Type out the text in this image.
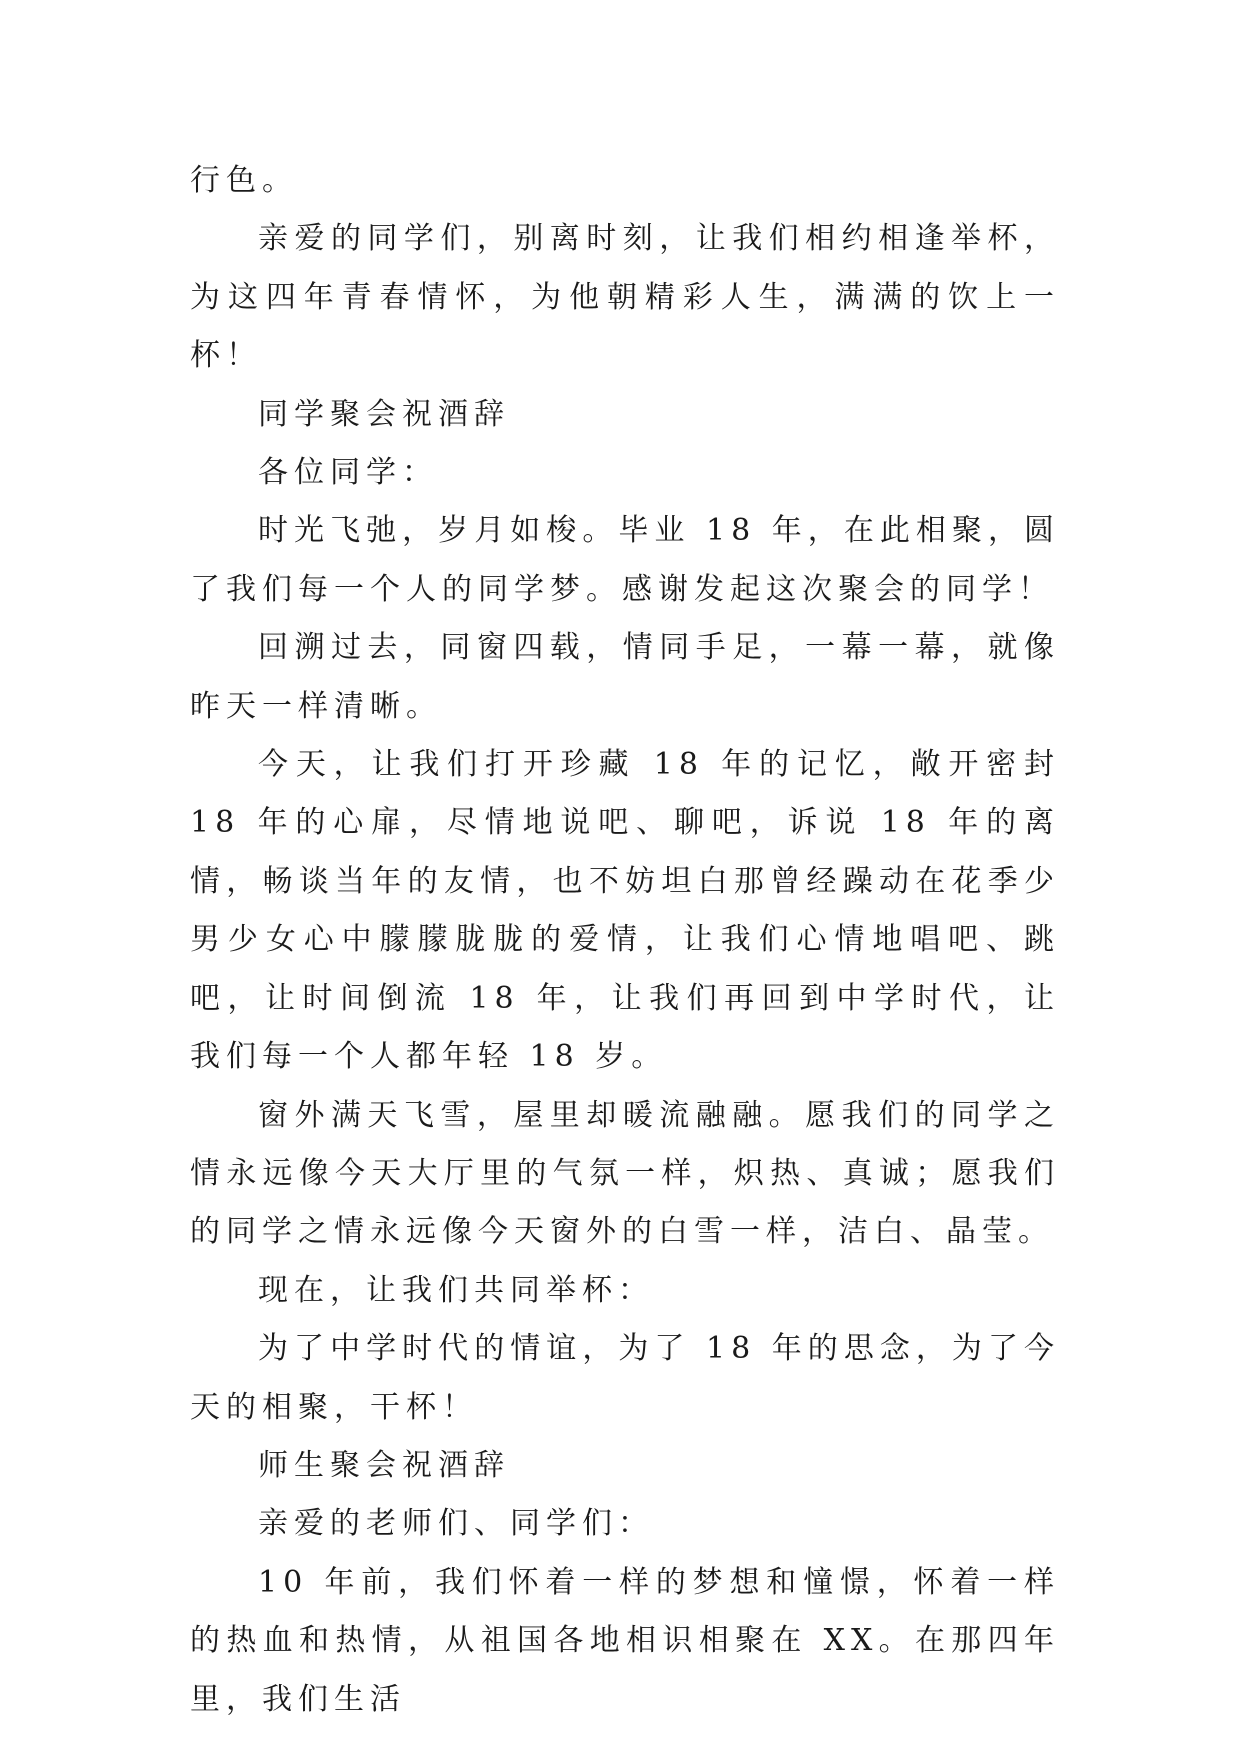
行色。

亲爱的同学们，别离时刻，让我们相约相逢举杯，为这四年青春情怀，为他朝精彩人生，满满的饮上一杯！

同学聚会祝酒辞

各位同学：

时光飞弛，岁月如梭。毕业 18 年，在此相聚，圆了我们每一个人的同学梦。感谢发起这次聚会的同学！

回溯过去，同窗四载，情同手足，一幕一幕，就像昨天一样清晰。

今天，让我们打开珍藏 18 年的记忆，敞开密封 18 年的心扉，尽情地说吧、聊吧，诉说 18 年的离情，畅谈当年的友情，也不妨坦白那曾经躁动在花季少男少女心中朦朦胧胧的爱情，让我们心情地唱吧、跳吧，让时间倒流 18 年，让我们再回到中学时代，让我们每一个人都年轻 18 岁。

窗外满天飞雪，屋里却暖流融融。愿我们的同学之情永远像今天大厅里的气氛一样，炽热、真诚；愿我们的同学之情永远像今天窗外的白雪一样，洁白、晶莹。

现在，让我们共同举杯：

为了中学时代的情谊，为了 18 年的思念，为了今天的相聚，干杯！

师生聚会祝酒辞

亲爱的老师们、同学们：

10 年前，我们怀着一样的梦想和憧憬，怀着一样的热血和热情，从祖国各地相识相聚在 XX。在那四年里，我们生活
